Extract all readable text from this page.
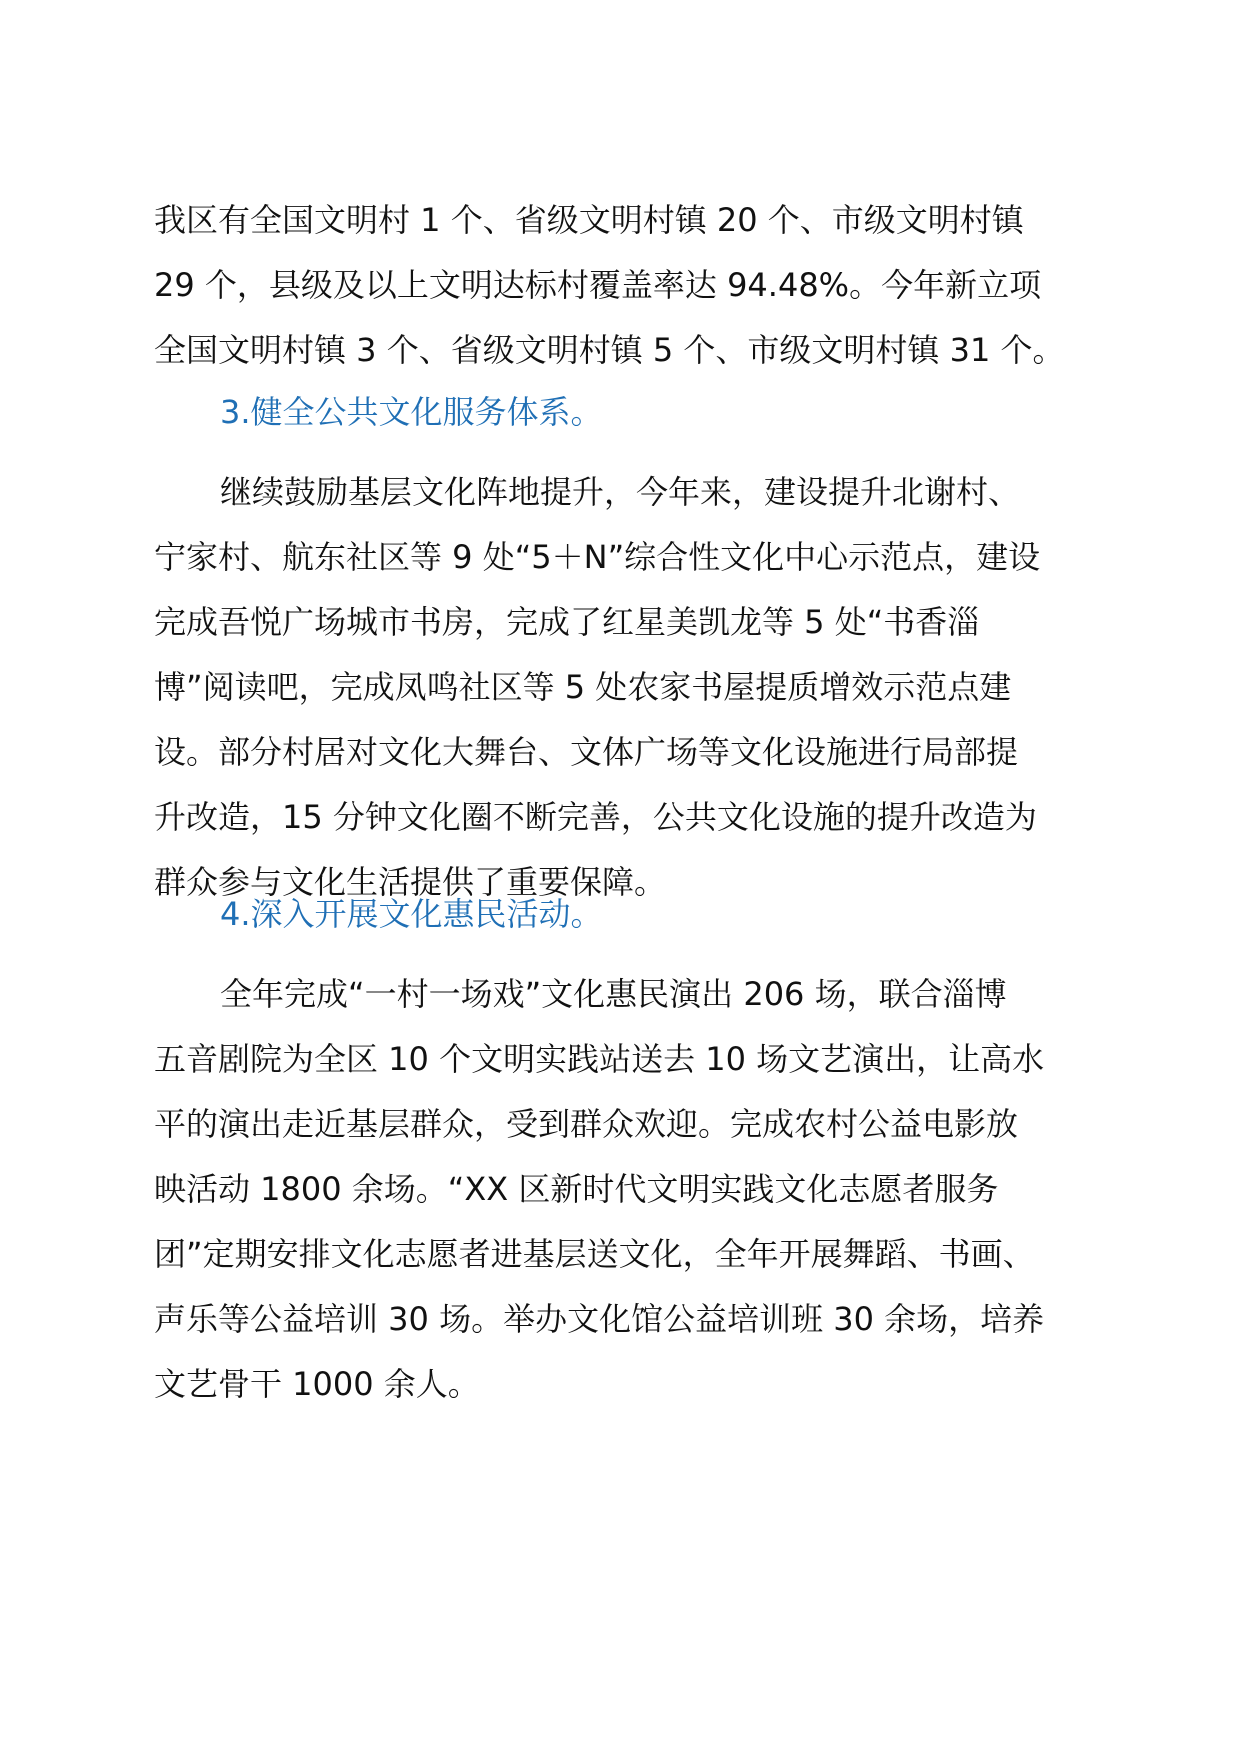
我区有全国文明村 1 个、省级文明村镇 20 个、市级文明村镇
29 个，县级及以上文明达标村覆盖率达 94.48%。今年新立项
全国文明村镇 3 个、省级文明村镇 5 个、市级文明村镇 31 个。

3.健全公共文化服务体系。

继续鼓励基层文化阵地提升，今年来，建设提升北谢村、
宁家村、航东社区等 9 处“5＋N”综合性文化中心示范点，建设
完成吾悦广场城市书房，完成了红星美凯龙等 5 处“书香淄
博”阅读吧，完成凤鸣社区等 5 处农家书屋提质增效示范点建
设。部分村居对文化大舞台、文体广场等文化设施进行局部提
升改造，15 分钟文化圈不断完善，公共文化设施的提升改造为
群众参与文化生活提供了重要保障。

4.深入开展文化惠民活动。

全年完成“一村一场戏”文化惠民演出 206 场，联合淄博
五音剧院为全区 10 个文明实践站送去 10 场文艺演出，让高水
平的演出走近基层群众，受到群众欢迎。完成农村公益电影放
映活动 1800 余场。“XX 区新时代文明实践文化志愿者服务
团”定期安排文化志愿者进基层送文化，全年开展舞蹈、书画、
声乐等公益培训 30 场。举办文化馆公益培训班 30 余场，培养
文艺骨干 1000 余人。
